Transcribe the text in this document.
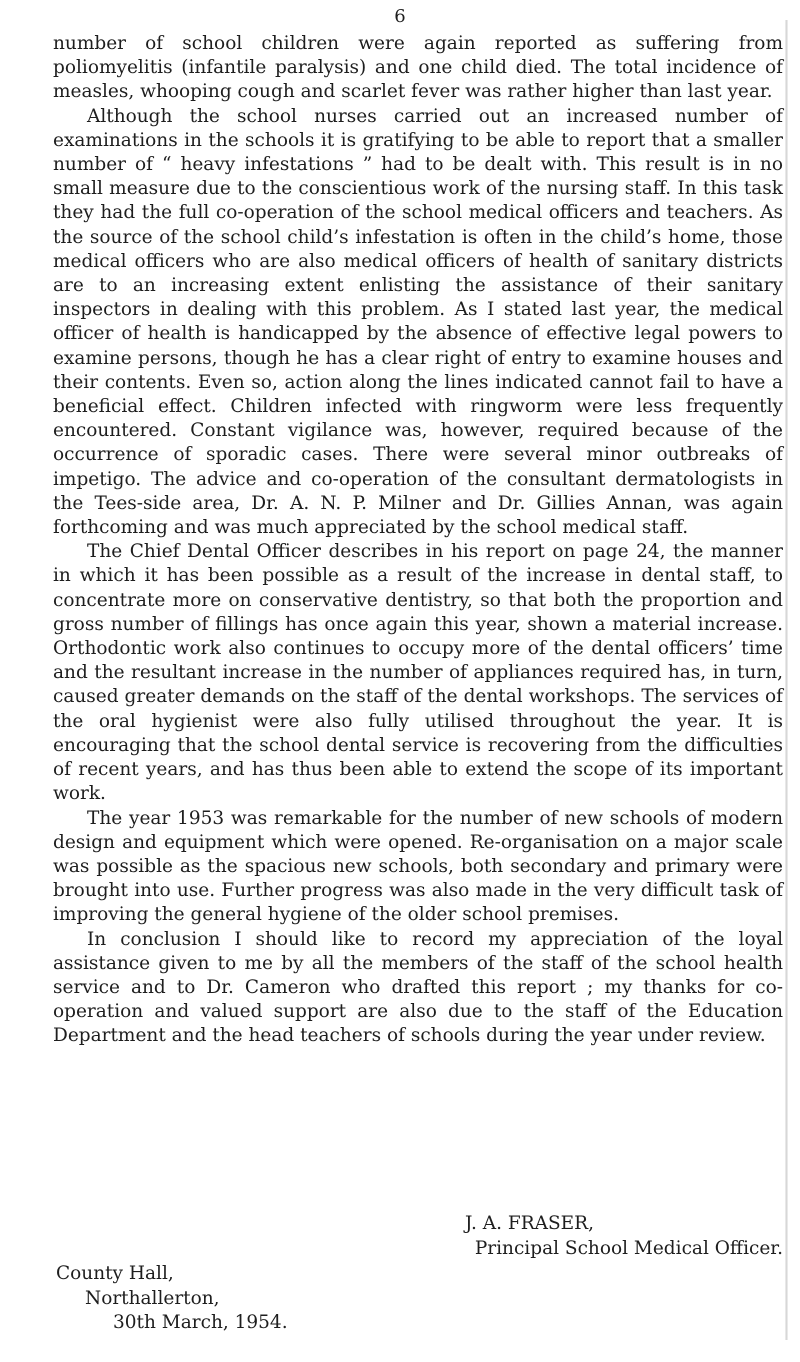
6

number of school children were again reported as suffering from poliomyelitis (infantile paralysis) and one child died. The total incidence of measles, whooping cough and scarlet fever was rather higher than last year.

Although the school nurses carried out an increased number of examinations in the schools it is gratifying to be able to report that a smaller number of “ heavy infestations ” had to be dealt with. This result is in no small measure due to the conscientious work of the nursing staff. In this task they had the full co-operation of the school medical officers and teachers. As the source of the school child’s infestation is often in the child’s home, those medical officers who are also medical officers of health of sanitary districts are to an increasing extent enlisting the assistance of their sanitary inspectors in dealing with this problem. As I stated last year, the medical officer of health is handicapped by the absence of effective legal powers to examine persons, though he has a clear right of entry to examine houses and their contents. Even so, action along the lines indicated cannot fail to have a beneficial effect. Children infected with ringworm were less frequently encountered. Constant vigilance was, however, required because of the occurrence of sporadic cases. There were several minor outbreaks of impetigo. The advice and co-operation of the consultant dermatologists in the Tees-side area, Dr. A. N. P. Milner and Dr. Gillies Annan, was again forthcoming and was much appreciated by the school medical staff.

The Chief Dental Officer describes in his report on page 24, the manner in which it has been possible as a result of the increase in dental staff, to concentrate more on conservative dentistry, so that both the proportion and gross number of fillings has once again this year, shown a material increase. Orthodontic work also continues to occupy more of the dental officers’ time and the resultant increase in the number of appliances required has, in turn, caused greater demands on the staff of the dental workshops. The services of the oral hygienist were also fully utilised throughout the year. It is encouraging that the school dental service is recovering from the difficulties of recent years, and has thus been able to extend the scope of its important work.

The year 1953 was remarkable for the number of new schools of modern design and equipment which were opened. Re-organisation on a major scale was possible as the spacious new schools, both secondary and primary were brought into use. Further progress was also made in the very difficult task of improving the general hygiene of the older school premises.

In conclusion I should like to record my appreciation of the loyal assistance given to me by all the members of the staff of the school health service and to Dr. Cameron who drafted this report ; my thanks for co-operation and valued support are also due to the staff of the Education Department and the head teachers of schools during the year under review.

J. A. FRASER,
Principal School Medical Officer.
County Hall,
Northallerton,
30th March, 1954.
